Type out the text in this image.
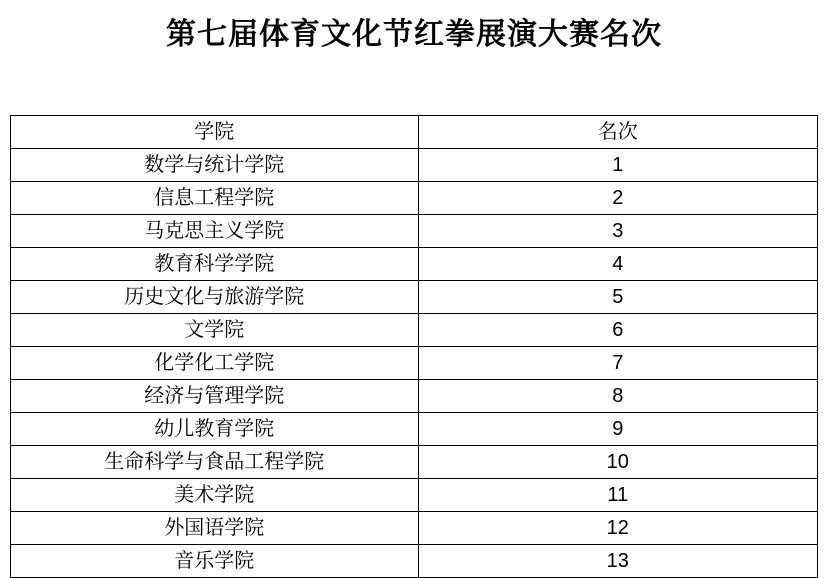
第七届体育文化节红拳展演大赛名次
学院	名次
数学与统计学院	1
信息工程学院	2
马克思主义学院	3
教育科学学院	4
历史文化与旅游学院	5
文学院	6
化学化工学院	7
经济与管理学院	8
幼儿教育学院	9
生命科学与食品工程学院	10
美术学院	11
外国语学院	12
音乐学院	13
